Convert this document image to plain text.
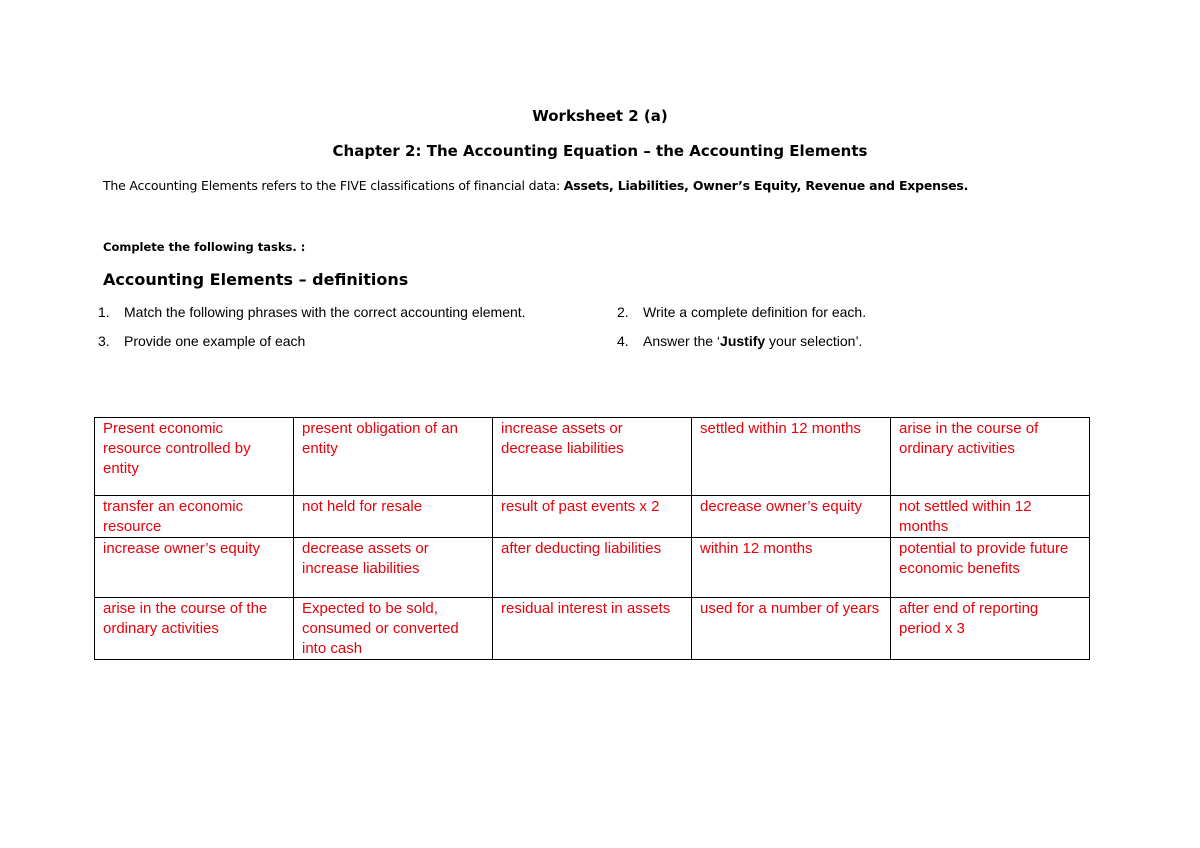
Worksheet 2 (a)
Chapter 2: The Accounting Equation – the Accounting Elements
The Accounting Elements refers to the FIVE classifications of financial data: Assets, Liabilities, Owner’s Equity, Revenue and Expenses.
Complete the following tasks. :
Accounting Elements – definitions
1. Match the following phrases with the correct accounting element.	2. Write a complete definition for each.
3. Provide one example of each	4. Answer the ‘Justify your selection’.
Present economic resource controlled by entity	present obligation of an entity	increase assets or decrease liabilities	settled within 12 months	arise in the course of ordinary activities
transfer an economic resource	not held for resale	result of past events x 2	decrease owner’s equity	not settled within 12 months
increase owner’s equity	decrease assets or increase liabilities	after deducting liabilities	within 12 months	potential to provide future economic benefits
arise in the course of the ordinary activities	Expected to be sold, consumed or converted into cash	residual interest in assets	used for a number of years	after end of reporting period x 3
